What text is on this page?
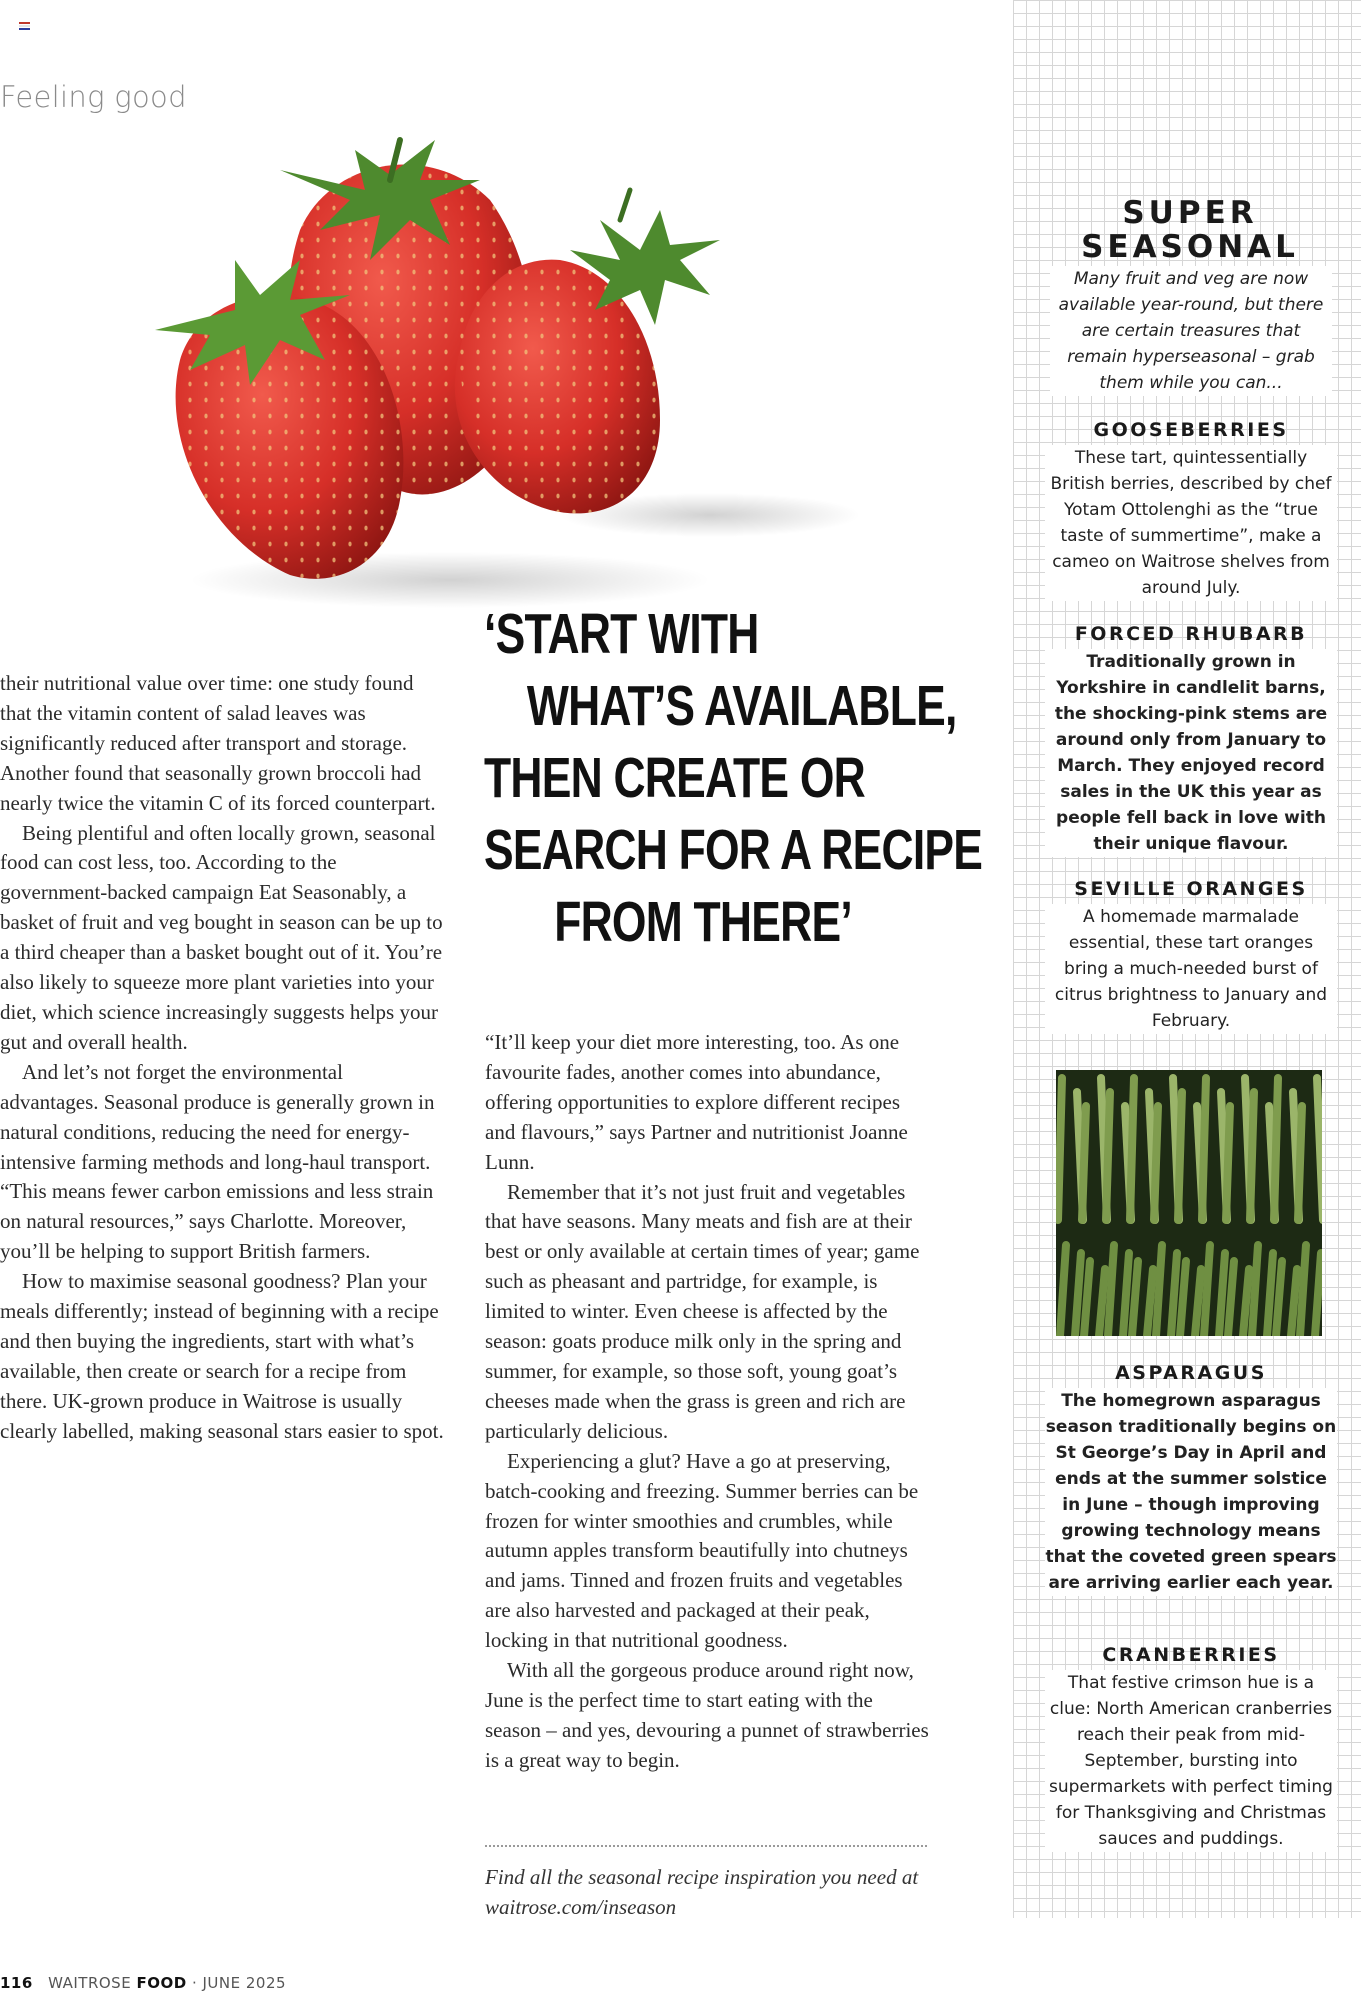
Feeling good
‘START WITH
WHAT’S AVAILABLE,
THEN CREATE OR
SEARCH FOR A RECIPE
FROM THERE’

their nutritional value over time: one study found that the vitamin content of salad leaves was significantly reduced after transport and storage. Another found that seasonally grown broccoli had nearly twice the vitamin C of its forced counterpart.

Being plentiful and often locally grown, seasonal food can cost less, too. According to the government-backed campaign Eat Seasonably, a basket of fruit and veg bought in season can be up to a third cheaper than a basket bought out of it. You’re also likely to squeeze more plant varieties into your diet, which science increasingly suggests helps your gut and overall health.

And let’s not forget the environmental advantages. Seasonal produce is generally grown in natural conditions, reducing the need for energy-intensive farming methods and long-haul transport. “This means fewer carbon emissions and less strain on natural resources,” says Charlotte. Moreover, you’ll be helping to support British farmers.

How to maximise seasonal goodness? Plan your meals differently; instead of beginning with a recipe and then buying the ingredients, start with what’s available, then create or search for a recipe from there. UK-grown produce in Waitrose is usually clearly labelled, making seasonal stars easier to spot.

“It’ll keep your diet more interesting, too. As one favourite fades, another comes into abundance, offering opportunities to explore different recipes and flavours,” says Partner and nutritionist Joanne Lunn.

Remember that it’s not just fruit and vegetables that have seasons. Many meats and fish are at their best or only available at certain times of year; game such as pheasant and partridge, for example, is limited to winter. Even cheese is affected by the season: goats produce milk only in the spring and summer, for example, so those soft, young goat’s cheeses made when the grass is green and rich are particularly delicious.

Experiencing a glut? Have a go at preserving, batch-cooking and freezing. Summer berries can be frozen for winter smoothies and crumbles, while autumn apples transform beautifully into chutneys and jams. Tinned and frozen fruits and vegetables are also harvested and packaged at their peak, locking in that nutritional goodness.

With all the gorgeous produce around right now, June is the perfect time to start eating with the season – and yes, devouring a punnet of strawberries is a great way to begin.

Find all the seasonal recipe inspiration you need at waitrose.com/inseason
SUPER
SEASONAL
Many fruit and veg are now available year-round, but there are certain treasures that remain hyperseasonal – grab them while you can...
GOOSEBERRIES

These tart, quintessentially British berries, described by chef Yotam Ottolenghi as the “true taste of summertime”, make a cameo on Waitrose shelves from around July.

FORCED RHUBARB

Traditionally grown in Yorkshire in candlelit barns, the shocking-pink stems are around only from January to March. They enjoyed record sales in the UK this year as people fell back in love with their unique flavour.

SEVILLE ORANGES

A homemade marmalade essential, these tart oranges bring a much-needed burst of citrus brightness to January and February.

ASPARAGUS

The homegrown asparagus season traditionally begins on St George’s Day in April and ends at the summer solstice in June – though improving growing technology means that the coveted green spears are arriving earlier each year.

CRANBERRIES

That festive crimson hue is a clue: North American cranberries reach their peak from mid-September, bursting into supermarkets with perfect timing for Thanksgiving and Christmas sauces and puddings.

116 WAITROSE FOOD · JUNE 2025
